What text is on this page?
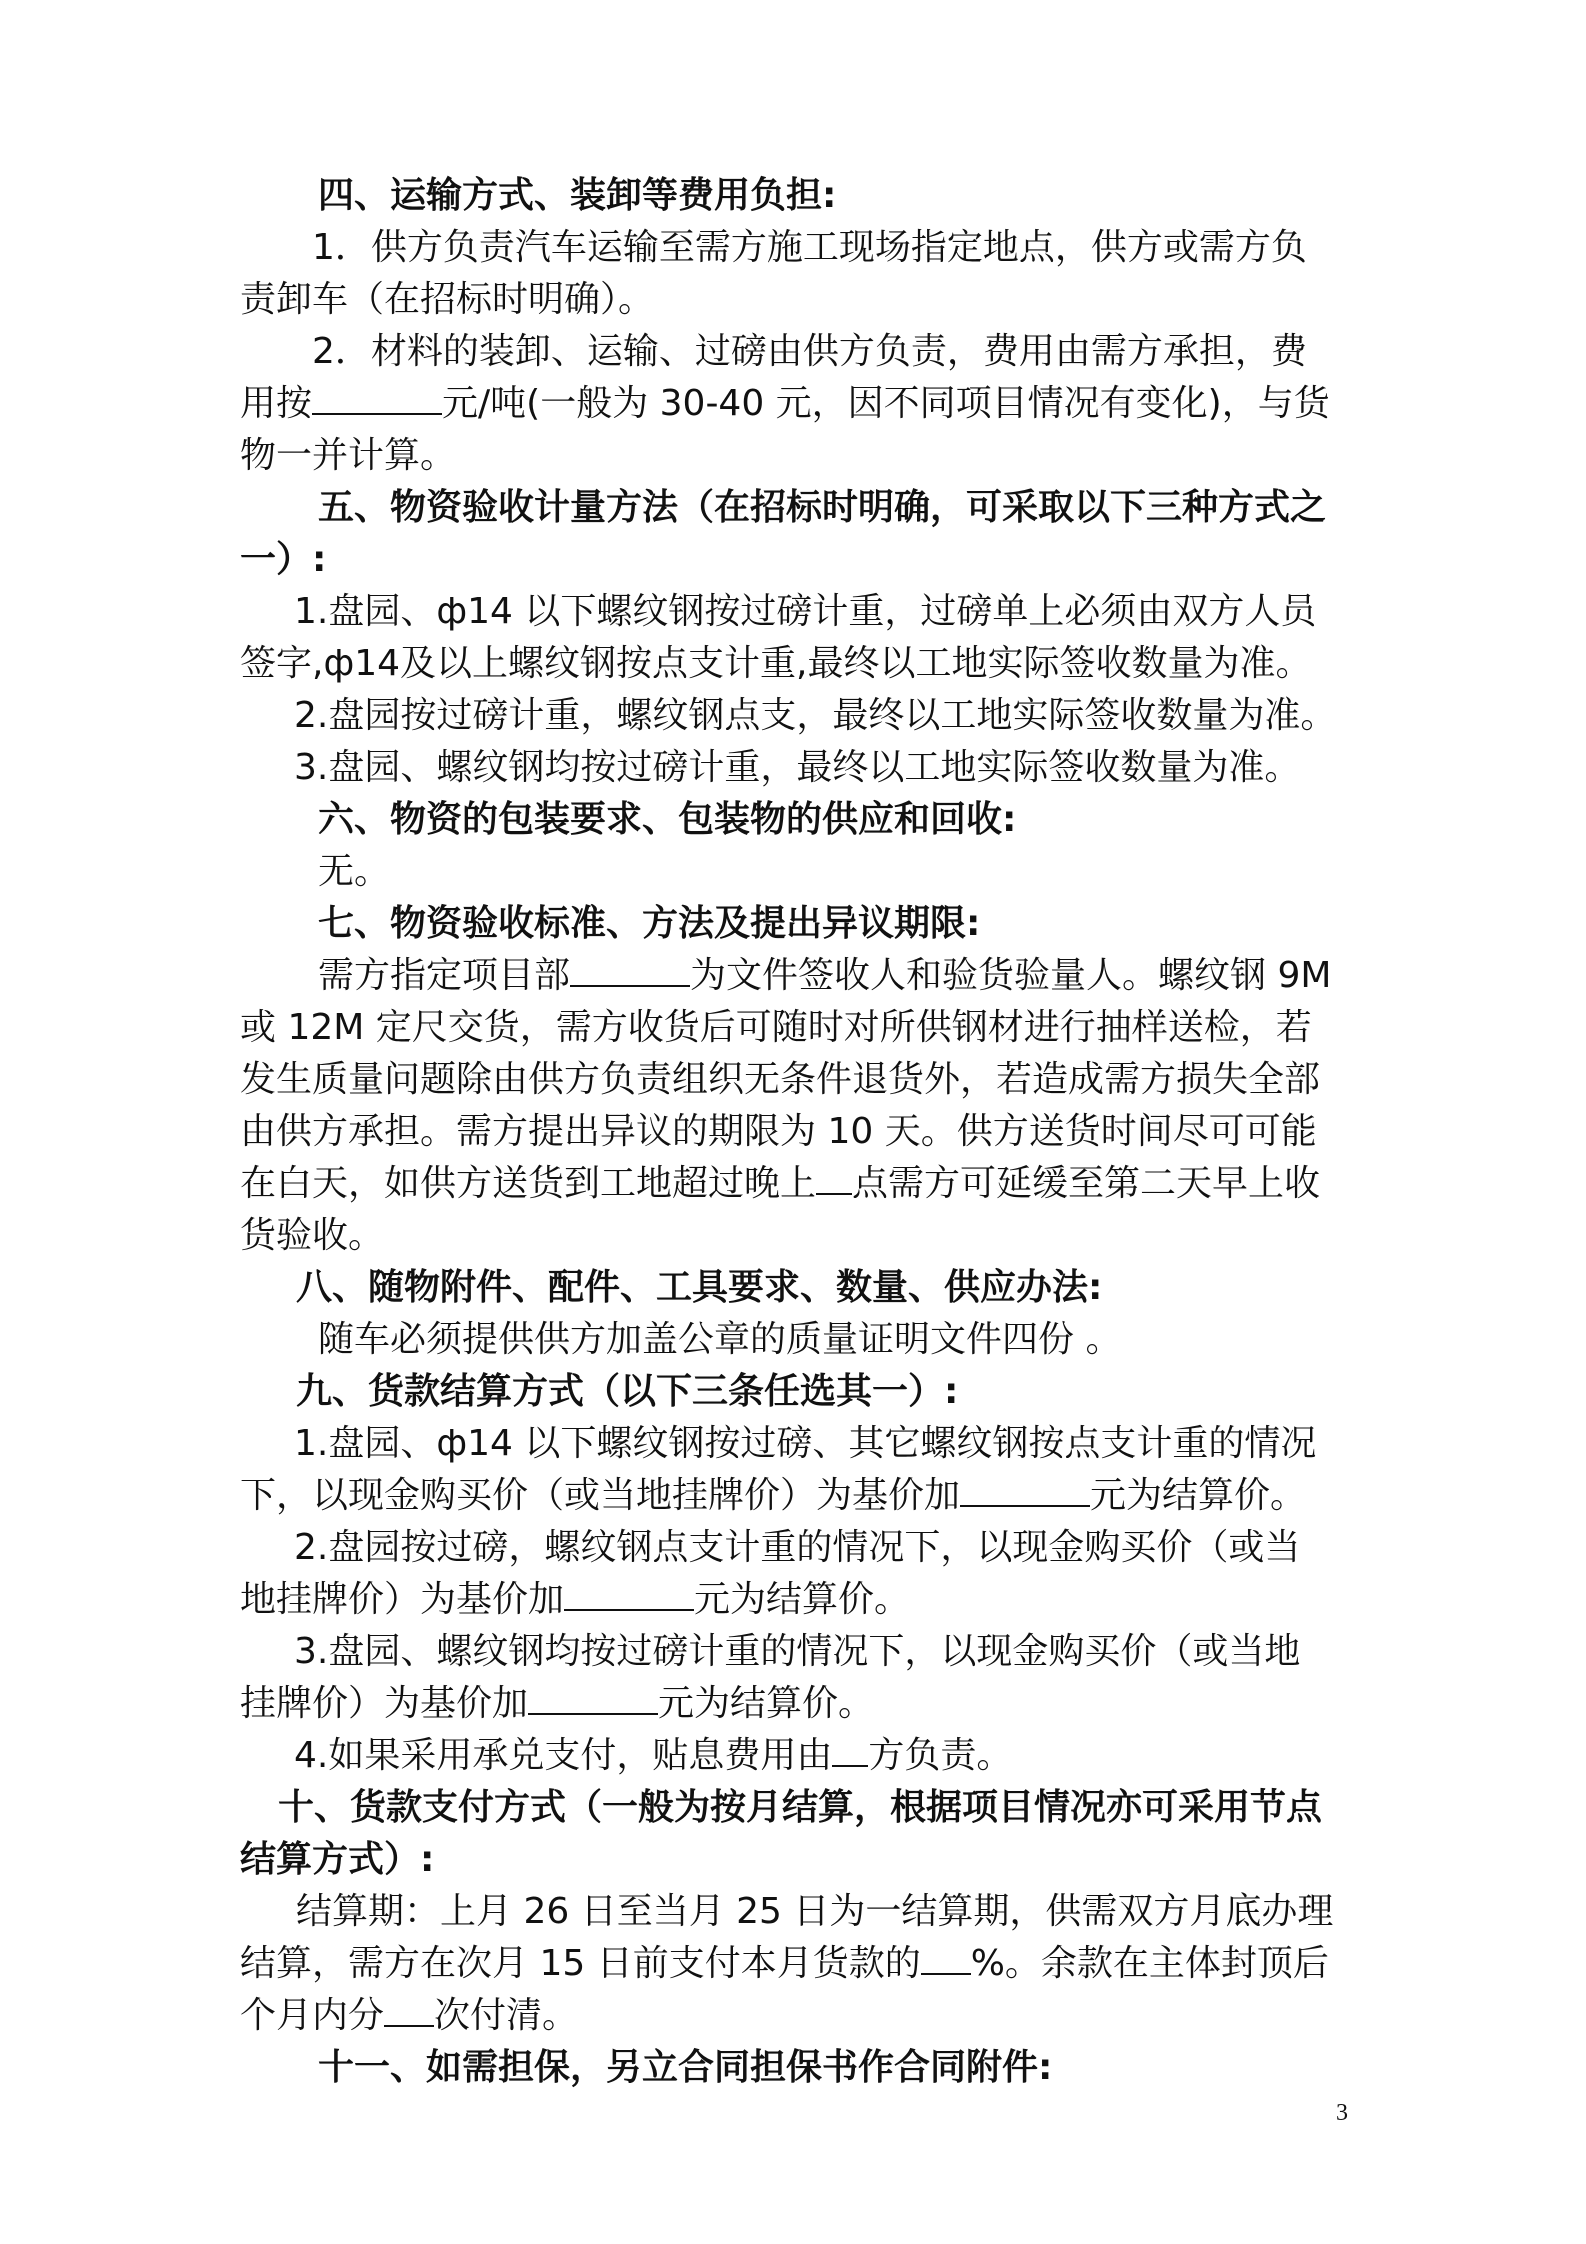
四、运输方式、装卸等费用负担:
1．供方负责汽车运输至需方施工现场指定地点，供方或需方负
责卸车（在招标时明确）。
2．材料的装卸、运输、过磅由供方负责，费用由需方承担，费
用按	元/吨(一般为 30-40 元，因不同项目情况有变化)，与货
物一并计算。
五、物资验收计量方法（在招标时明确，可采取以下三种方式之
一）:
1.盘园、ф14 以下螺纹钢按过磅计重，过磅单上必须由双方人员
签字,ф14及以上螺纹钢按点支计重,最终以工地实际签收数量为准。
2.盘园按过磅计重，螺纹钢点支，最终以工地实际签收数量为准。
3.盘园、螺纹钢均按过磅计重，最终以工地实际签收数量为准。
六、物资的包装要求、包装物的供应和回收:
无。
七、物资验收标准、方法及提出异议期限:
需方指定项目部	为文件签收人和验货验量人。螺纹钢 9M
或 12M 定尺交货，需方收货后可随时对所供钢材进行抽样送检，若
发生质量问题除由供方负责组织无条件退货外，若造成需方损失全部
由供方承担。需方提出异议的期限为 10 天。供方送货时间尽可可能
在白天，如供方送货到工地超过晚上 点需方可延缓至第二天早上收
货验收。
八、随物附件、配件、工具要求、数量、供应办法:
随车必须提供供方加盖公章的质量证明文件四份 。
九、货款结算方式（以下三条任选其一）:
1.盘园、ф14 以下螺纹钢按过磅、其它螺纹钢按点支计重的情况
下，以现金购买价（或当地挂牌价）为基价加	元为结算价。
2.盘园按过磅，螺纹钢点支计重的情况下，以现金购买价（或当
地挂牌价）为基价加	元为结算价。
3.盘园、螺纹钢均按过磅计重的情况下，以现金购买价（或当地
挂牌价）为基价加	元为结算价。
4.如果采用承兑支付，贴息费用由 方负责。
十、货款支付方式（一般为按月结算，根据项目情况亦可采用节点
结算方式）:
结算期：上月 26 日至当月 25 日为一结算期，供需双方月底办理
结算，需方在次月 15 日前支付本月货款的 %。余款在主体封顶后
个月内分 次付清。
十一、如需担保，另立合同担保书作合同附件:
3
